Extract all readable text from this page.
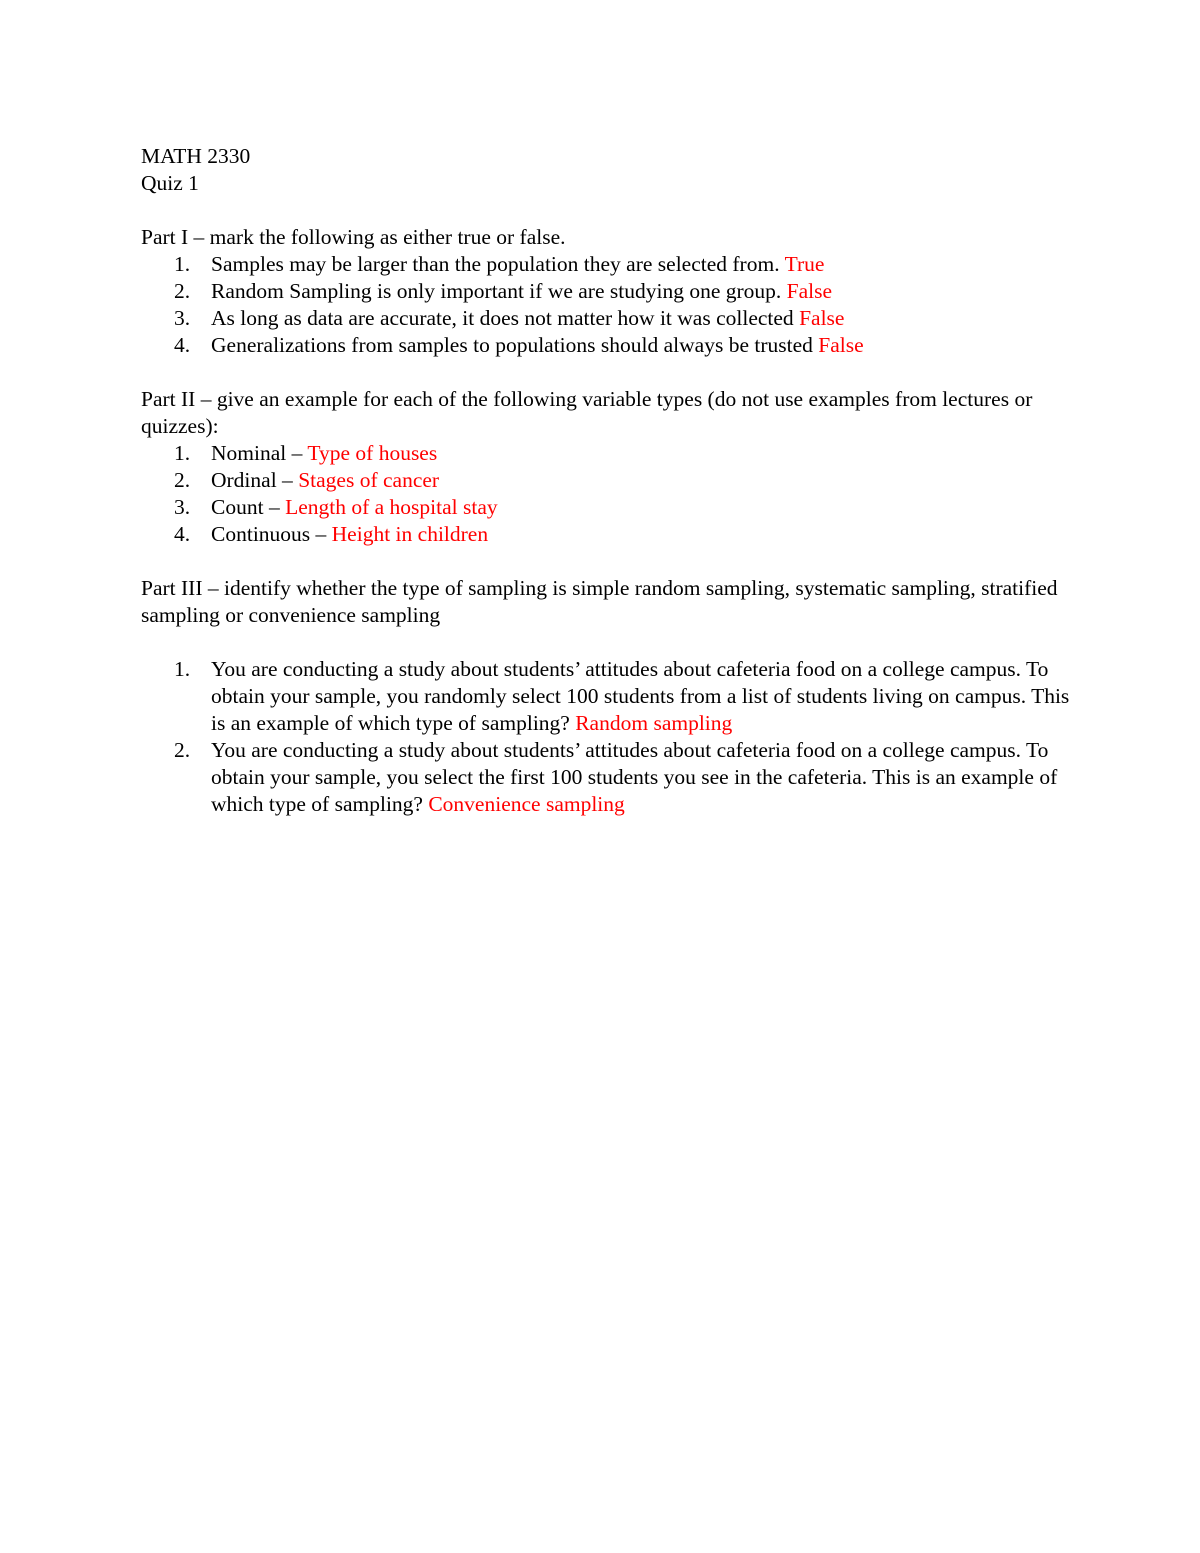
MATH 2330
Quiz 1
Part I – mark the following as either true or false.
1. Samples may be larger than the population they are selected from. True
2. Random Sampling is only important if we are studying one group. False
3. As long as data are accurate, it does not matter how it was collected False
4. Generalizations from samples to populations should always be trusted False
Part II – give an example for each of the following variable types (do not use examples from lectures or quizzes):
1. Nominal – Type of houses
2. Ordinal – Stages of cancer
3. Count – Length of a hospital stay
4. Continuous – Height in children
Part III – identify whether the type of sampling is simple random sampling, systematic sampling, stratified sampling or convenience sampling
1. You are conducting a study about students’ attitudes about cafeteria food on a college campus. To obtain your sample, you randomly select 100 students from a list of students living on campus. This is an example of which type of sampling? Random sampling
2. You are conducting a study about students’ attitudes about cafeteria food on a college campus. To obtain your sample, you select the first 100 students you see in the cafeteria. This is an example of which type of sampling? Convenience sampling
